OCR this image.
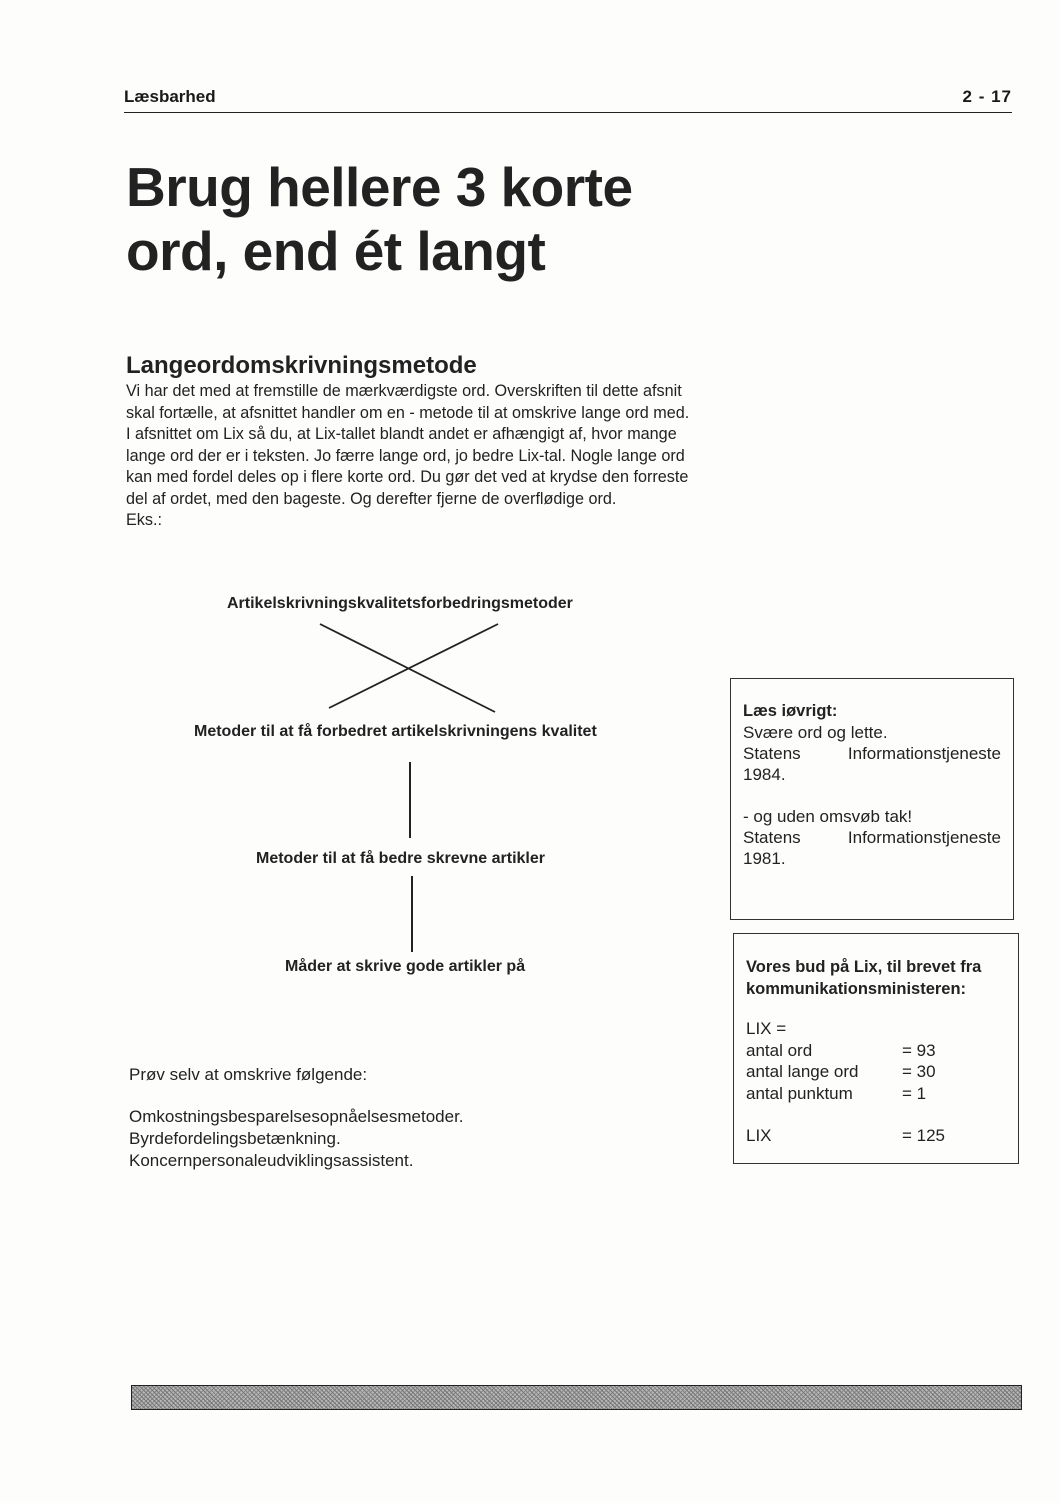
Læsbarhed	2 - 17
Brug hellere 3 korte
ord, end ét langt
Langeordomskrivningsmetode

Vi har det med at fremstille de mærkværdigste ord. Overskriften til dette afsnit skal fortælle, at afsnittet handler om en - metode til at omskrive lange ord med.

I afsnittet om Lix så du, at Lix-tallet blandt andet er afhængigt af, hvor mange lange ord der er i teksten. Jo færre lange ord, jo bedre Lix-tal. Nogle lange ord kan med fordel deles op i flere korte ord. Du gør det ved at krydse den forreste del af ordet, med den bageste. Og derefter fjerne de overflødige ord.

Eks.:

Artikelskrivningskvalitetsforbedringsmetoder
Metoder til at få forbedret artikelskrivningens kvalitet
Metoder til at få bedre skrevne artikler
Måder at skrive gode artikler på
Prøv selv at omskrive følgende:
Omkostningsbesparelsesopnåelsesmetoder.
Byrdefordelingsbetænkning.
Koncernpersonaleudviklingsassistent.
Læs iøvrigt:
Svære ord og lette.
Statens	Informationstjeneste
1984.
- og uden omsvøb tak!
Statens	Informationstjeneste
1981.
Vores bud på Lix, til brevet fra kommunikationsministeren:
LIX =
antal ord	= 93
antal lange ord	= 30
antal punktum	= 1
LIX	= 125
